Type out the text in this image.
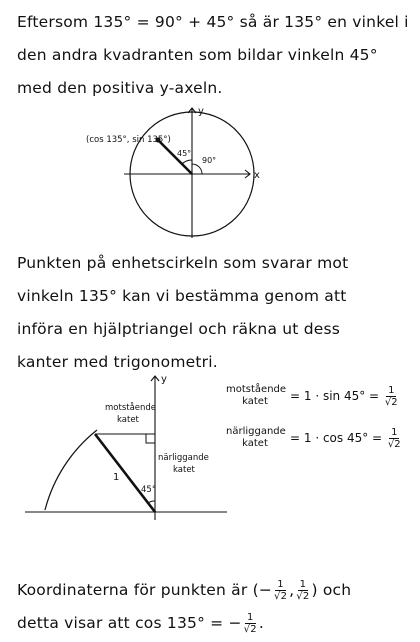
Eftersom 135° = 90° + 45° så är 135° en vinkel i
den andra kvadranten som bildar vinkeln 45°
med den positiva y-axeln.
y
x
(cos 135°, sin 135°)
45°
90°
Punkten på enhetscirkeln som svarar mot
vinkeln 135° kan vi bestämma genom att
införa en hjälptriangel och räkna ut dess
kanter med trigonometri.
y
motstående
katet
närliggande
katet
1
45°
motstående
katet	= $1 \cdot \sin 45^\circ = \frac{1}{√2}$
närliggande
katet	= $1 \cdot \cos 45^\circ = \frac{1}{√2}$
Koordinaterna för punkten är (− $\frac{1}{√2}$ , $\frac{1}{√2}$ ) och
detta visar att cos 135° = − $\frac{1}{√2}$ .
